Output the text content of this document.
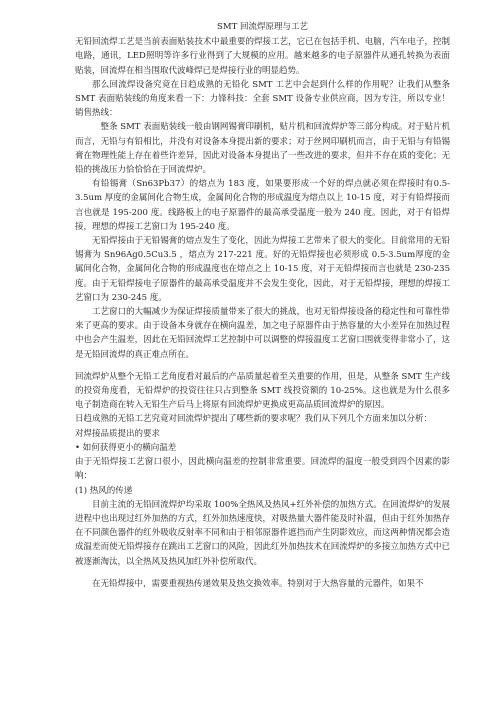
SMT 回流焊原理与工艺

无铅回流焊工艺是当前表面贴装技术中最重要的焊接工艺，它已在包括手机、电脑，汽车电子，控制电路，通讯，LED照明等许多行业得到了大规模的应用。越来越多的电子原器件从通孔转换为表面贴装，回流焊在相当围取代波峰焊已是焊接行业的明显趋势。

那么回流焊设备究竟在日趋成熟的无铅化 SMT 工艺中会起到什么样的作用呢？让我们从整条 SMT 表面贴装线的角度来看一下：力锋科技：全套 SMT 设备专业供应商，因为专注，所以专业！ 销售热线：

整条 SMT 表面贴装线一般由钢网锡膏印刷机，贴片机和回流焊炉等三部分构成。对于贴片机而言，无铅与有铅相比，并没有对设备本身提出新的要求；对于丝网印刷机而言，由于无铅与有铅锡膏在物理性能上存在着些许差异，因此对设备本身提出了一些改进的要求，但并不存在质的变化；无铅的挑战压力恰恰恰在于回流焊炉。

有铅锡膏（Sn63Pb37）的熔点为 183 度，如果要形成一个好的焊点就必须在焊接时有0.5-3.5um 厚度的金属间化合物生成，金属间化合物的形成温度为熔点以上 10-15 度，对于有铅焊接而言也就是 195-200 度。线路板上的电子原器件的最高承受温度一般为 240 度。因此，对于有铅焊接，理想的焊接工艺窗口为 195-240 度。

无铅焊接由于无铅锡膏的熔点发生了变化，因此为焊接工艺带来了很大的变化。目前常用的无铅锡膏为 Sn96Ag0.5Cu3.5 ，熔点为 217-221 度。好的无铅焊接也必须形成 0.5-3.5um厚度的金属间化合物，金属间化合物的形成温度也在熔点之上 10-15 度，对于无铅焊接而言也就是 230-235 度。由于无铅焊接电子原器件的最高承受温度并不会发生变化，因此，对于无铅焊接，理想的焊接工艺窗口为 230-245 度。

工艺窗口的大幅减少为保证焊接质量带来了很大的挑战，也对无铅焊接设备的稳定性和可靠性带来了更高的要求。由于设备本身就存在横向温差，加之电子原器件由于热容量的大小差异在加热过程中也会产生温差，因此在无铅回流焊工艺控制中可以调整的焊接温度工艺窗口围就变得非常小了，这是无铅回流焊的真正难点所在。

回流焊炉从整个无铅工艺角度看对最后的产品质量起着至关重要的作用，但是，从整条 SMT 生产线的投资角度看，无铅焊炉的投资往往只占到整条 SMT 线投资额的 10-25%。这也就是为什么很多电子制造商在转入无铅生产后马上将原有回流焊炉更换成更高品质回流焊炉的原因。

日趋成熟的无铅工艺究竟对回流焊炉提出了哪些新的要求呢？我们从下列几个方面来加以分析：

对焊接品质提出的要求

• 如何获得更小的横向温差

由于无铅焊接工艺窗口很小，因此横向温差的控制非常重要。回流焊的温度一般受到四个因素的影响：

(1) 热风的传递

目前主流的无铅回流焊炉均采取 100%全热风及热风+红外补偿的加热方式。在回流焊炉的发展进程中也出现过红外加热的方式，红外加热速度快，对吸热量大器件能及时补温，但由于红外加热存在不同颜色器件的红外吸收反射率不同和由于相邻原器件遮挡而产生阴影效应，而这两种情况都会造成温差而使无铅焊接存在跳出工艺窗口的风险，因此红外加热技术在回流焊炉的多接立加热方式中已被逐渐淘汰，以全热风及热风加红外补偿所取代。

在无铅焊接中，需要重视热传递效果及热交换效率。特别对于大热容量的元器件，如果不
